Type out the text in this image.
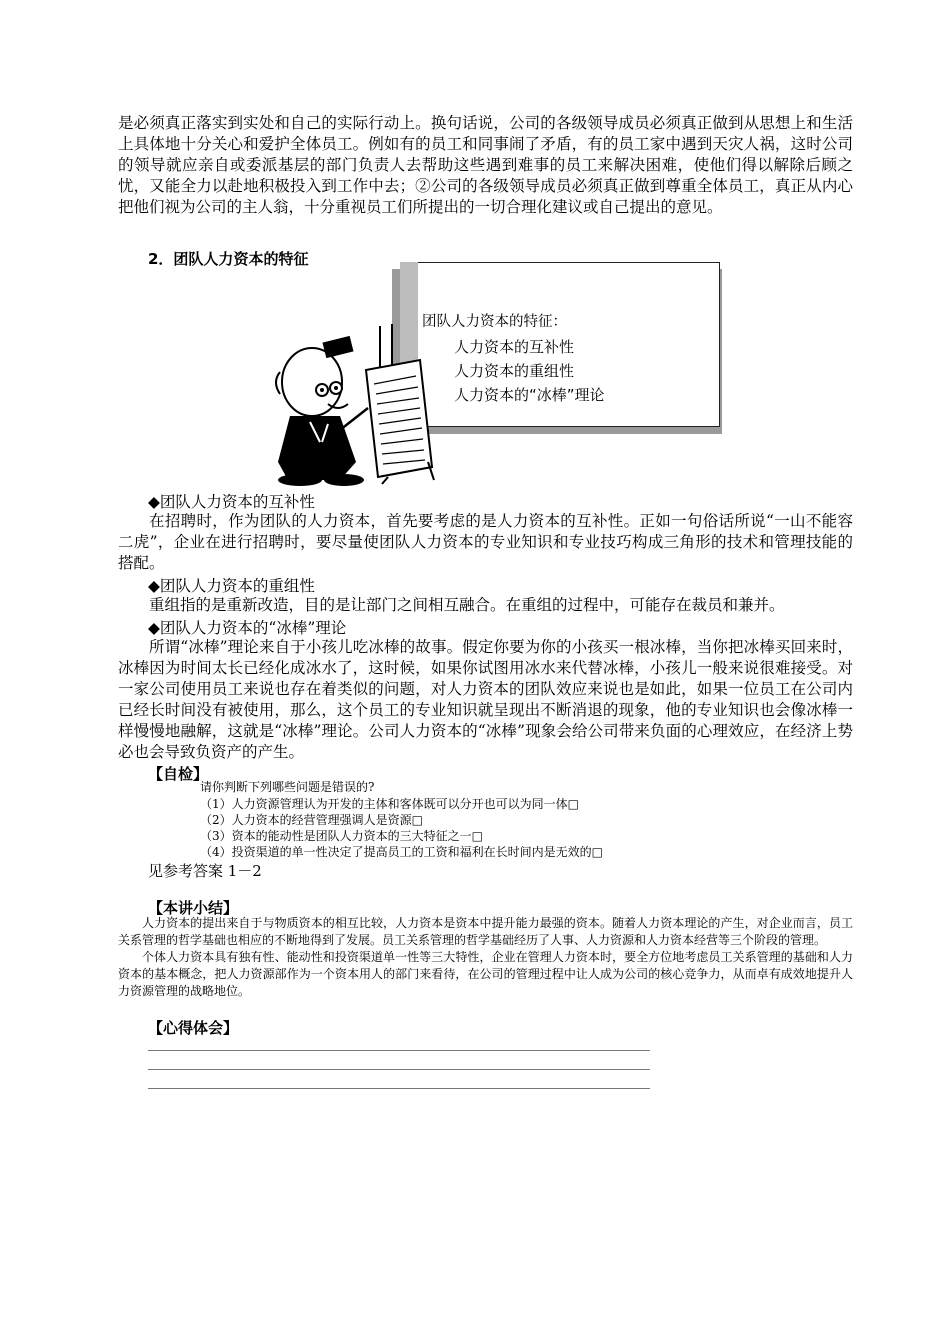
是必须真正落实到实处和自己的实际行动上。换句话说，公司的各级领导成员必须真正做到从思想上和生活上具体地十分关心和爱护全体员工。例如有的员工和同事闹了矛盾，有的员工家中遇到天灾人祸，这时公司的领导就应亲自或委派基层的部门负责人去帮助这些遇到难事的员工来解决困难，使他们得以解除后顾之忧，又能全力以赴地积极投入到工作中去；②公司的各级领导成员必须真正做到尊重全体员工，真正从内心把他们视为公司的主人翁，十分重视员工们所提出的一切合理化建议或自己提出的意见。

2．团队人力资本的特征
团队人力资本的特征：
人力资本的互补性
人力资本的重组性
人力资本的“冰棒”理论
◆团队人力资本的互补性

在招聘时，作为团队的人力资本，首先要考虑的是人力资本的互补性。正如一句俗话所说“一山不能容二虎”，企业在进行招聘时，要尽量使团队人力资本的专业知识和专业技巧构成三角形的技术和管理技能的搭配。

◆团队人力资本的重组性

重组指的是重新改造，目的是让部门之间相互融合。在重组的过程中，可能存在裁员和兼并。

◆团队人力资本的“冰棒”理论

所谓“冰棒”理论来自于小孩儿吃冰棒的故事。假定你要为你的小孩买一根冰棒，当你把冰棒买回来时，冰棒因为时间太长已经化成冰水了，这时候，如果你试图用冰水来代替冰棒，小孩儿一般来说很难接受。对一家公司使用员工来说也存在着类似的问题，对人力资本的团队效应来说也是如此，如果一位员工在公司内已经长时间没有被使用，那么，这个员工的专业知识就呈现出不断消退的现象，他的专业知识也会像冰棒一样慢慢地融解，这就是“冰棒”理论。公司人力资本的“冰棒”现象会给公司带来负面的心理效应，在经济上势必也会导致负资产的产生。

【自检】
请你判断下列哪些问题是错误的?
（1）人力资源管理认为开发的主体和客体既可以分开也可以为同一体□
（2）人力资本的经营管理强调人是资源□
（3）资本的能动性是团队人力资本的三大特征之一□
（4）投资渠道的单一性决定了提高员工的工资和福利在长时间内是无效的□
见参考答案 1－2
【本讲小结】

人力资本的提出来自于与物质资本的相互比较，人力资本是资本中提升能力最强的资本。随着人力资本理论的产生，对企业而言，员工关系管理的哲学基础也相应的不断地得到了发展。员工关系管理的哲学基础经历了人事、人力资源和人力资本经营等三个阶段的管理。

个体人力资本具有独有性、能动性和投资渠道单一性等三大特性，企业在管理人力资本时，要全方位地考虑员工关系管理的基础和人力资本的基本概念，把人力资源部作为一个资本用人的部门来看待，在公司的管理过程中让人成为公司的核心竞争力，从而卓有成效地提升人力资源管理的战略地位。

【心得体会】
